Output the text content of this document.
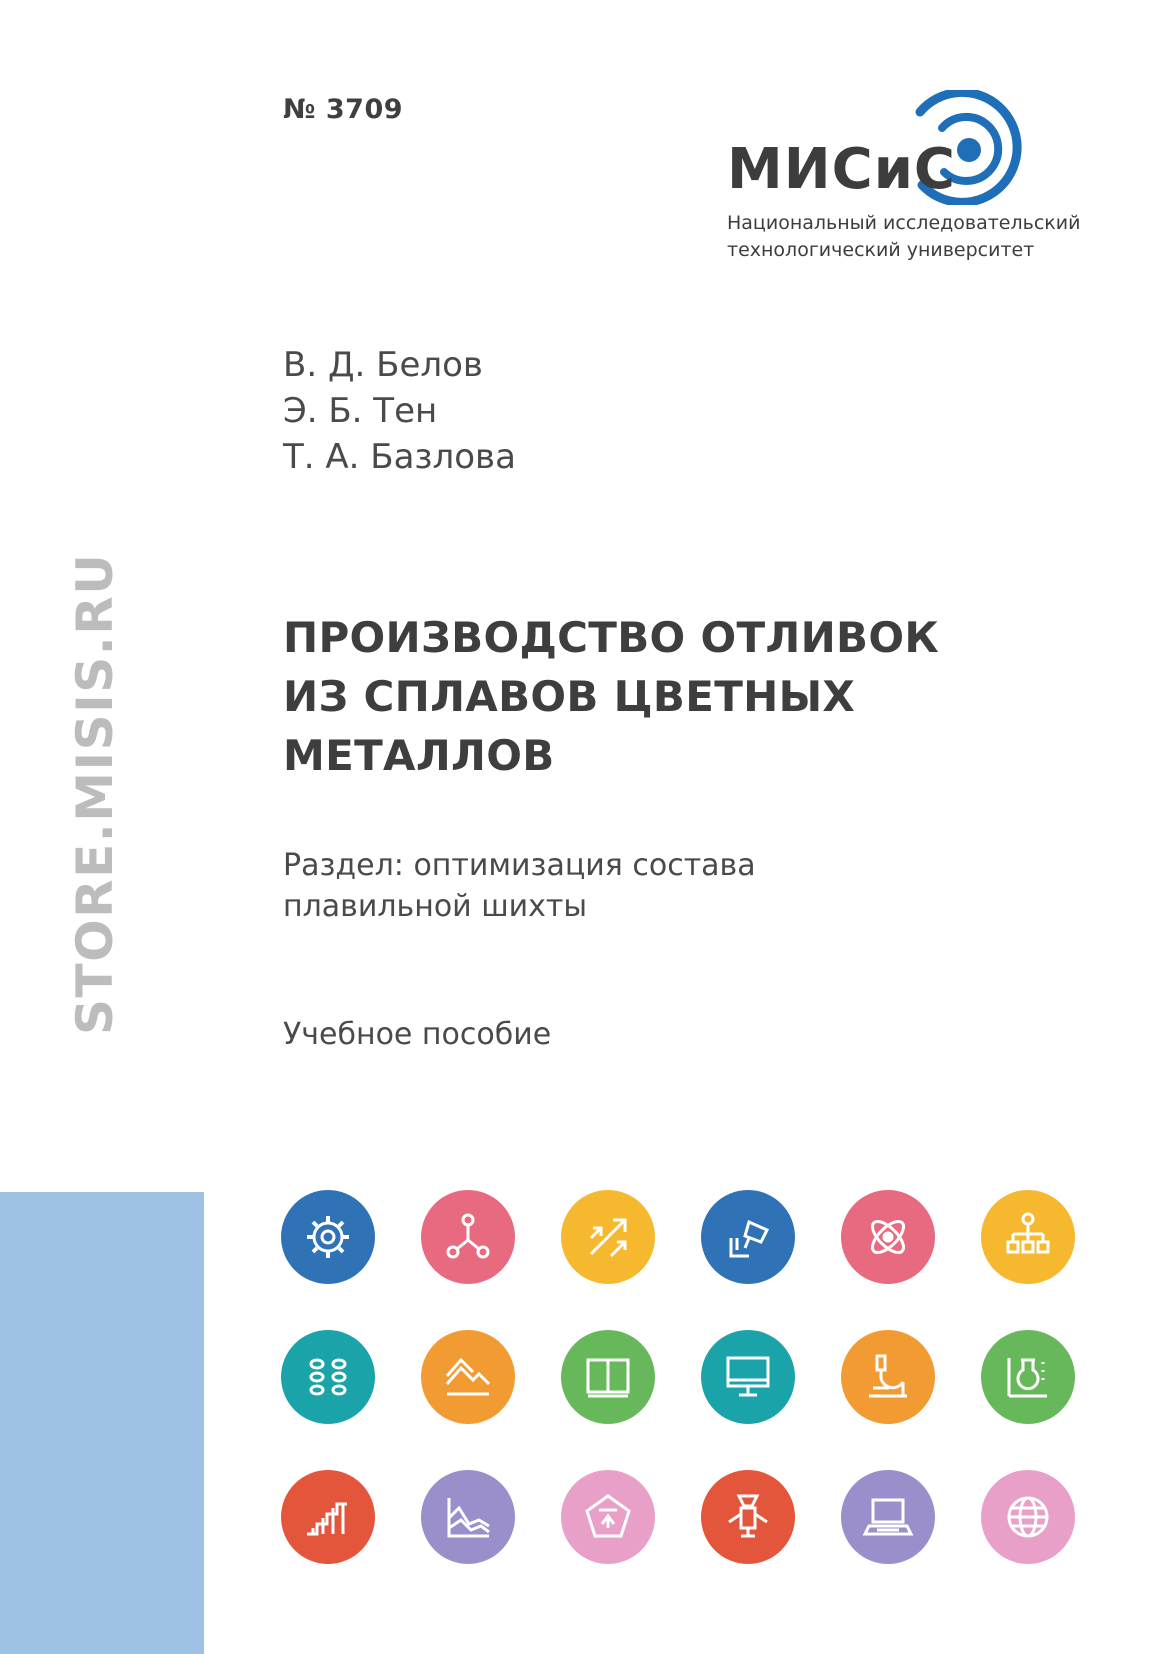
№ 3709
МИСиС
Национальный исследовательский
технологический университет
В. Д. Белов
Э. Б. Тен
Т. А. Базлова
ПРОИЗВОДСТВО ОТЛИВОК
ИЗ СПЛАВОВ ЦВЕТНЫХ
МЕТАЛЛОВ
Раздел: оптимизация состава
плавильной шихты
Учебное пособие
STORE.MISIS.RU
